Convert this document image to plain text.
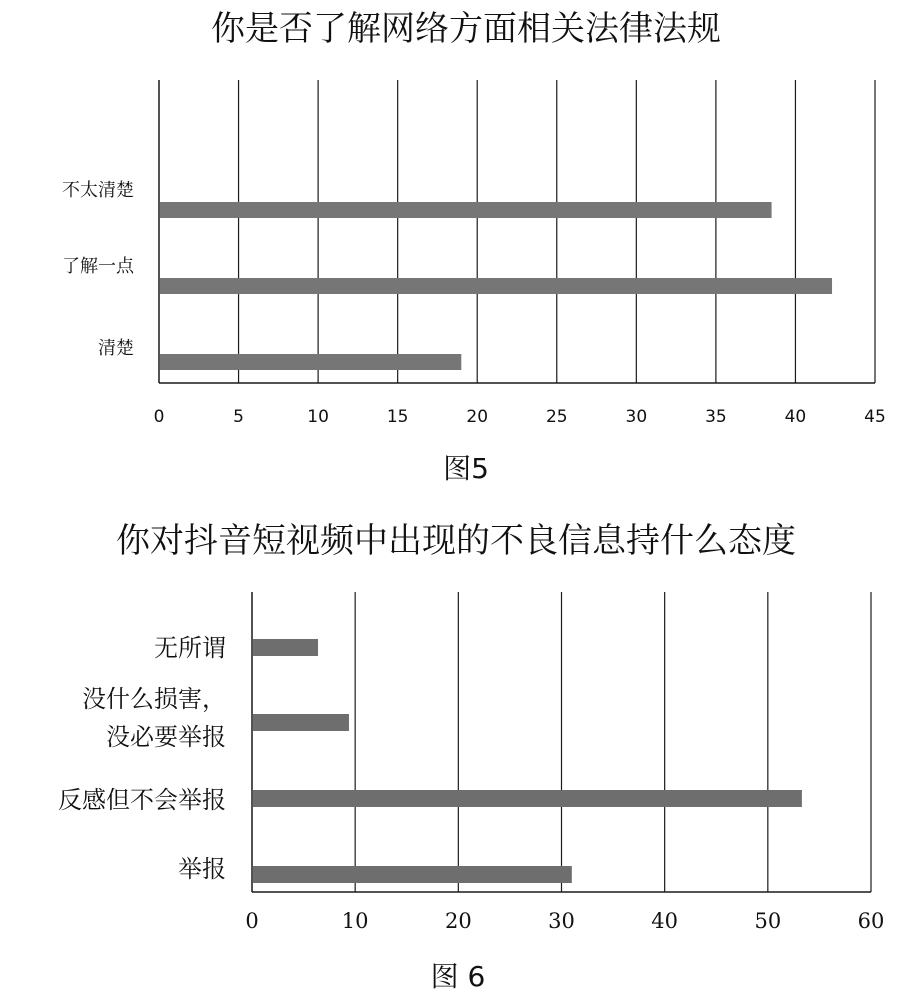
你是否了解网络方面相关法律法规
0	5	10	15	20	25	30	35	40	45
不太清楚
了解一点
清楚
图5
你对抖音短视频中出现的不良信息持什么态度
0	10	20	30	40	50	60
无所谓
没什么损害，没必要举报
反感但不会举报
举报
图 6
